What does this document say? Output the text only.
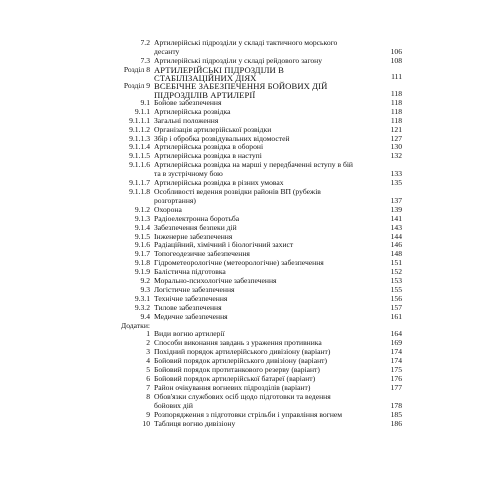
7.2 Артилерійські підрозділи у складі тактичного морського десанту	106
7.3 Артилерійські підрозділи у складі рейдового загону	108
Розділ 8 АРТИЛЕРІЙСЬКІ ПІДРОЗДІЛИ В СТАБІЛІЗАЦІЙНИХ ДІЯХ	111
Розділ 9 ВСЕБІЧНЕ ЗАБЕЗПЕЧЕННЯ БОЙОВИХ ДІЙ ПІДРОЗДІЛІВ АРТИЛЕРІЇ	118
9.1 Бойове забезпечення	118
9.1.1 Артилерійська розвідка	118
9.1.1.1 Загальні положення	118
9.1.1.2 Організація артилерійської розвідки	121
9.1.1.3 Збір і обробка розвідувальних відомостей	127
9.1.1.4 Артилерійська розвідка в обороні	130
9.1.1.5 Артилерійська розвідка в наступі	132
9.1.1.6 Артилерійська розвідка на марші у передбаченні вступу в бій та в зустрічному бою	133
9.1.1.7 Артилерійська розвідка в різних умовах	135
9.1.1.8 Особливості ведення розвідки районів ВП (рубежів розгортання)	137
9.1.2 Охорона	139
9.1.3 Радіоелектронна боротьба	141
9.1.4 Забезпечення безпеки дій	143
9.1.5 Інженерне забезпечення	144
9.1.6 Радіаційний, хімічний і біологічний захист	146
9.1.7 Топогеодезичне забезпечення	148
9.1.8 Гідрометеорологічне (метеорологічне) забезпечення	151
9.1.9 Балістична підготовка	152
9.2 Морально-психологічне забезпечення	153
9.3 Логістичне забезпечення	155
9.3.1 Технічне забезпечення	156
9.3.2 Тилове забезпечення	157
9.4 Медичне забезпечення	161
Додатки:

1 Види вогню артилерії	164
2 Способи виконання завдань з ураження противника	169
3 Похідний порядок артилерійського дивізіону (варіант)	174
4 Бойовий порядок артилерійського дивізіону (варіант)	174
5 Бойовий порядок протитанкового резерву (варіант)	175
6 Бойовий порядок артилерійської батареї (варіант)	176
7 Район очікування вогневих підрозділів (варіант)	177
8 Обов'язки службових осіб щодо підготовки та ведення бойових дій	178
9 Розпорядження з підготовки стрільби і управління вогнем	185
10 Таблиця вогню дивізіону	186
